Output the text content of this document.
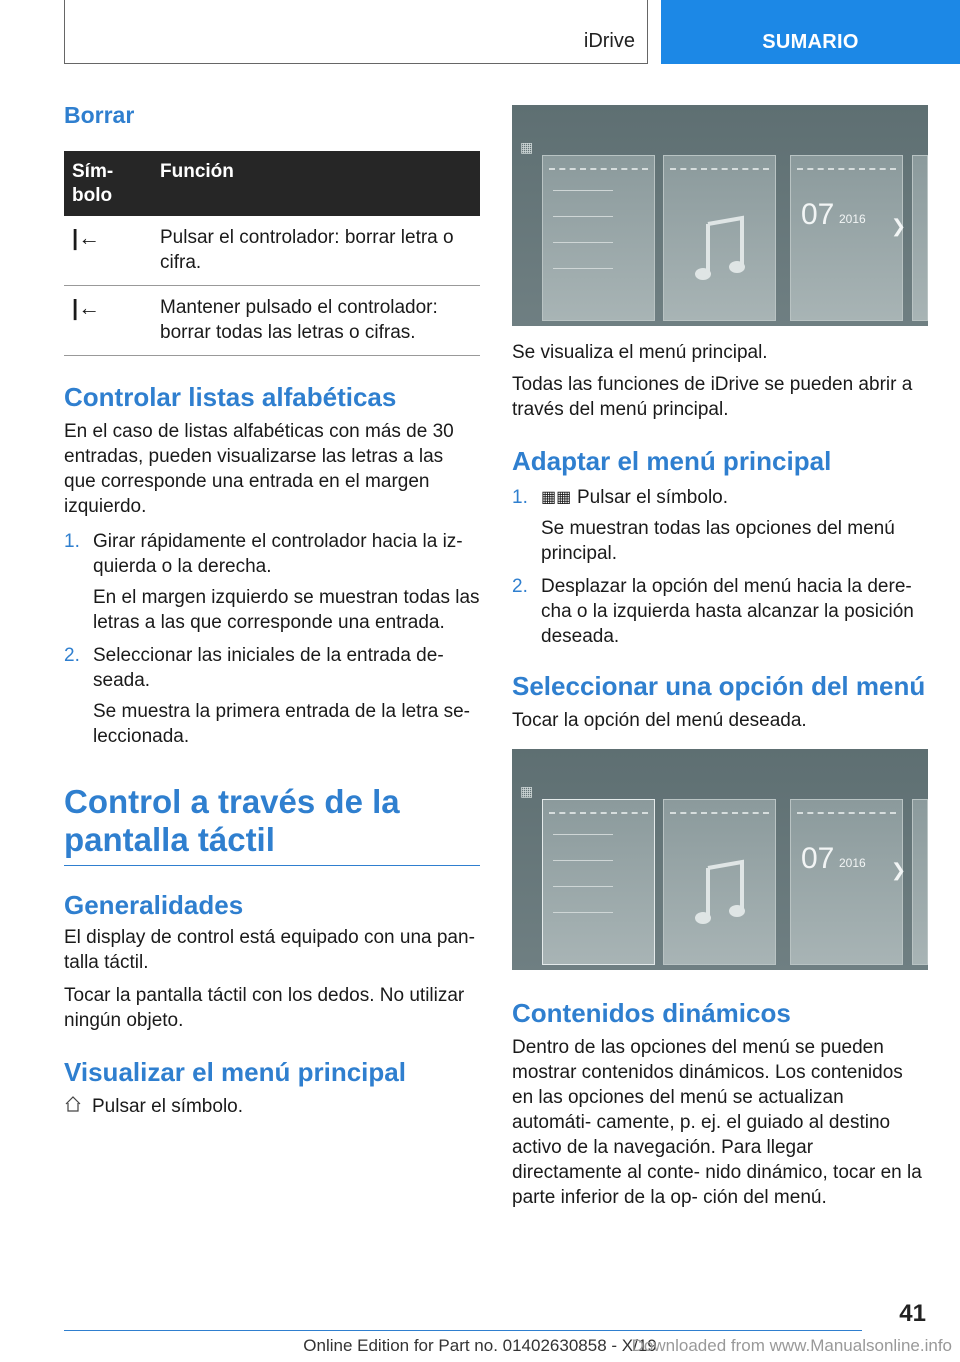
iDrive	SUMARIO
Borrar
Sím‐
bolo	Función
|←	Pulsar el controlador: borrar letra o cifra.
|←	Mantener pulsado el controlador: borrar todas las letras o cifras.
Controlar listas alfabéticas

En el caso de listas alfabéticas con más de 30 entradas, pueden visualizarse las letras a las que corresponde una entrada en el margen izquierdo.

1. Girar rápidamente el controlador hacia la iz‐ quierda o la derecha.

En el margen izquierdo se muestran todas las letras a las que corresponde una entrada.

2. Seleccionar las iniciales de la entrada de‐ seada.

Se muestra la primera entrada de la letra se‐ leccionada.

Control a través de la pantalla táctil
Generalidades

El display de control está equipado con una pan‐ talla táctil.

Tocar la pantalla táctil con los dedos. No utilizar ningún objeto.

Visualizar el menú principal

Pulsar el símbolo.

▦
07 2016 ❯

Se visualiza el menú principal.

Todas las funciones de iDrive se pueden abrir a través del menú principal.

Adaptar el menú principal
1. ▦▦ Pulsar el símbolo.

Se muestran todas las opciones del menú principal.

2. Desplazar la opción del menú hacia la dere‐ cha o la izquierda hasta alcanzar la posición deseada.

Seleccionar una opción del menú

Tocar la opción del menú deseada.

▦
07 2016 ❯
Contenidos dinámicos

Dentro de las opciones del menú se pueden mostrar contenidos dinámicos. Los contenidos en las opciones del menú se actualizan automáti‐ camente, p. ej. el guiado al destino activo de la navegación. Para llegar directamente al conte‐ nido dinámico, tocar en la parte inferior de la op‐ ción del menú.

41
Online Edition for Part no. 01402630858 - X/19
Downloaded from www.Manualsonline.info
